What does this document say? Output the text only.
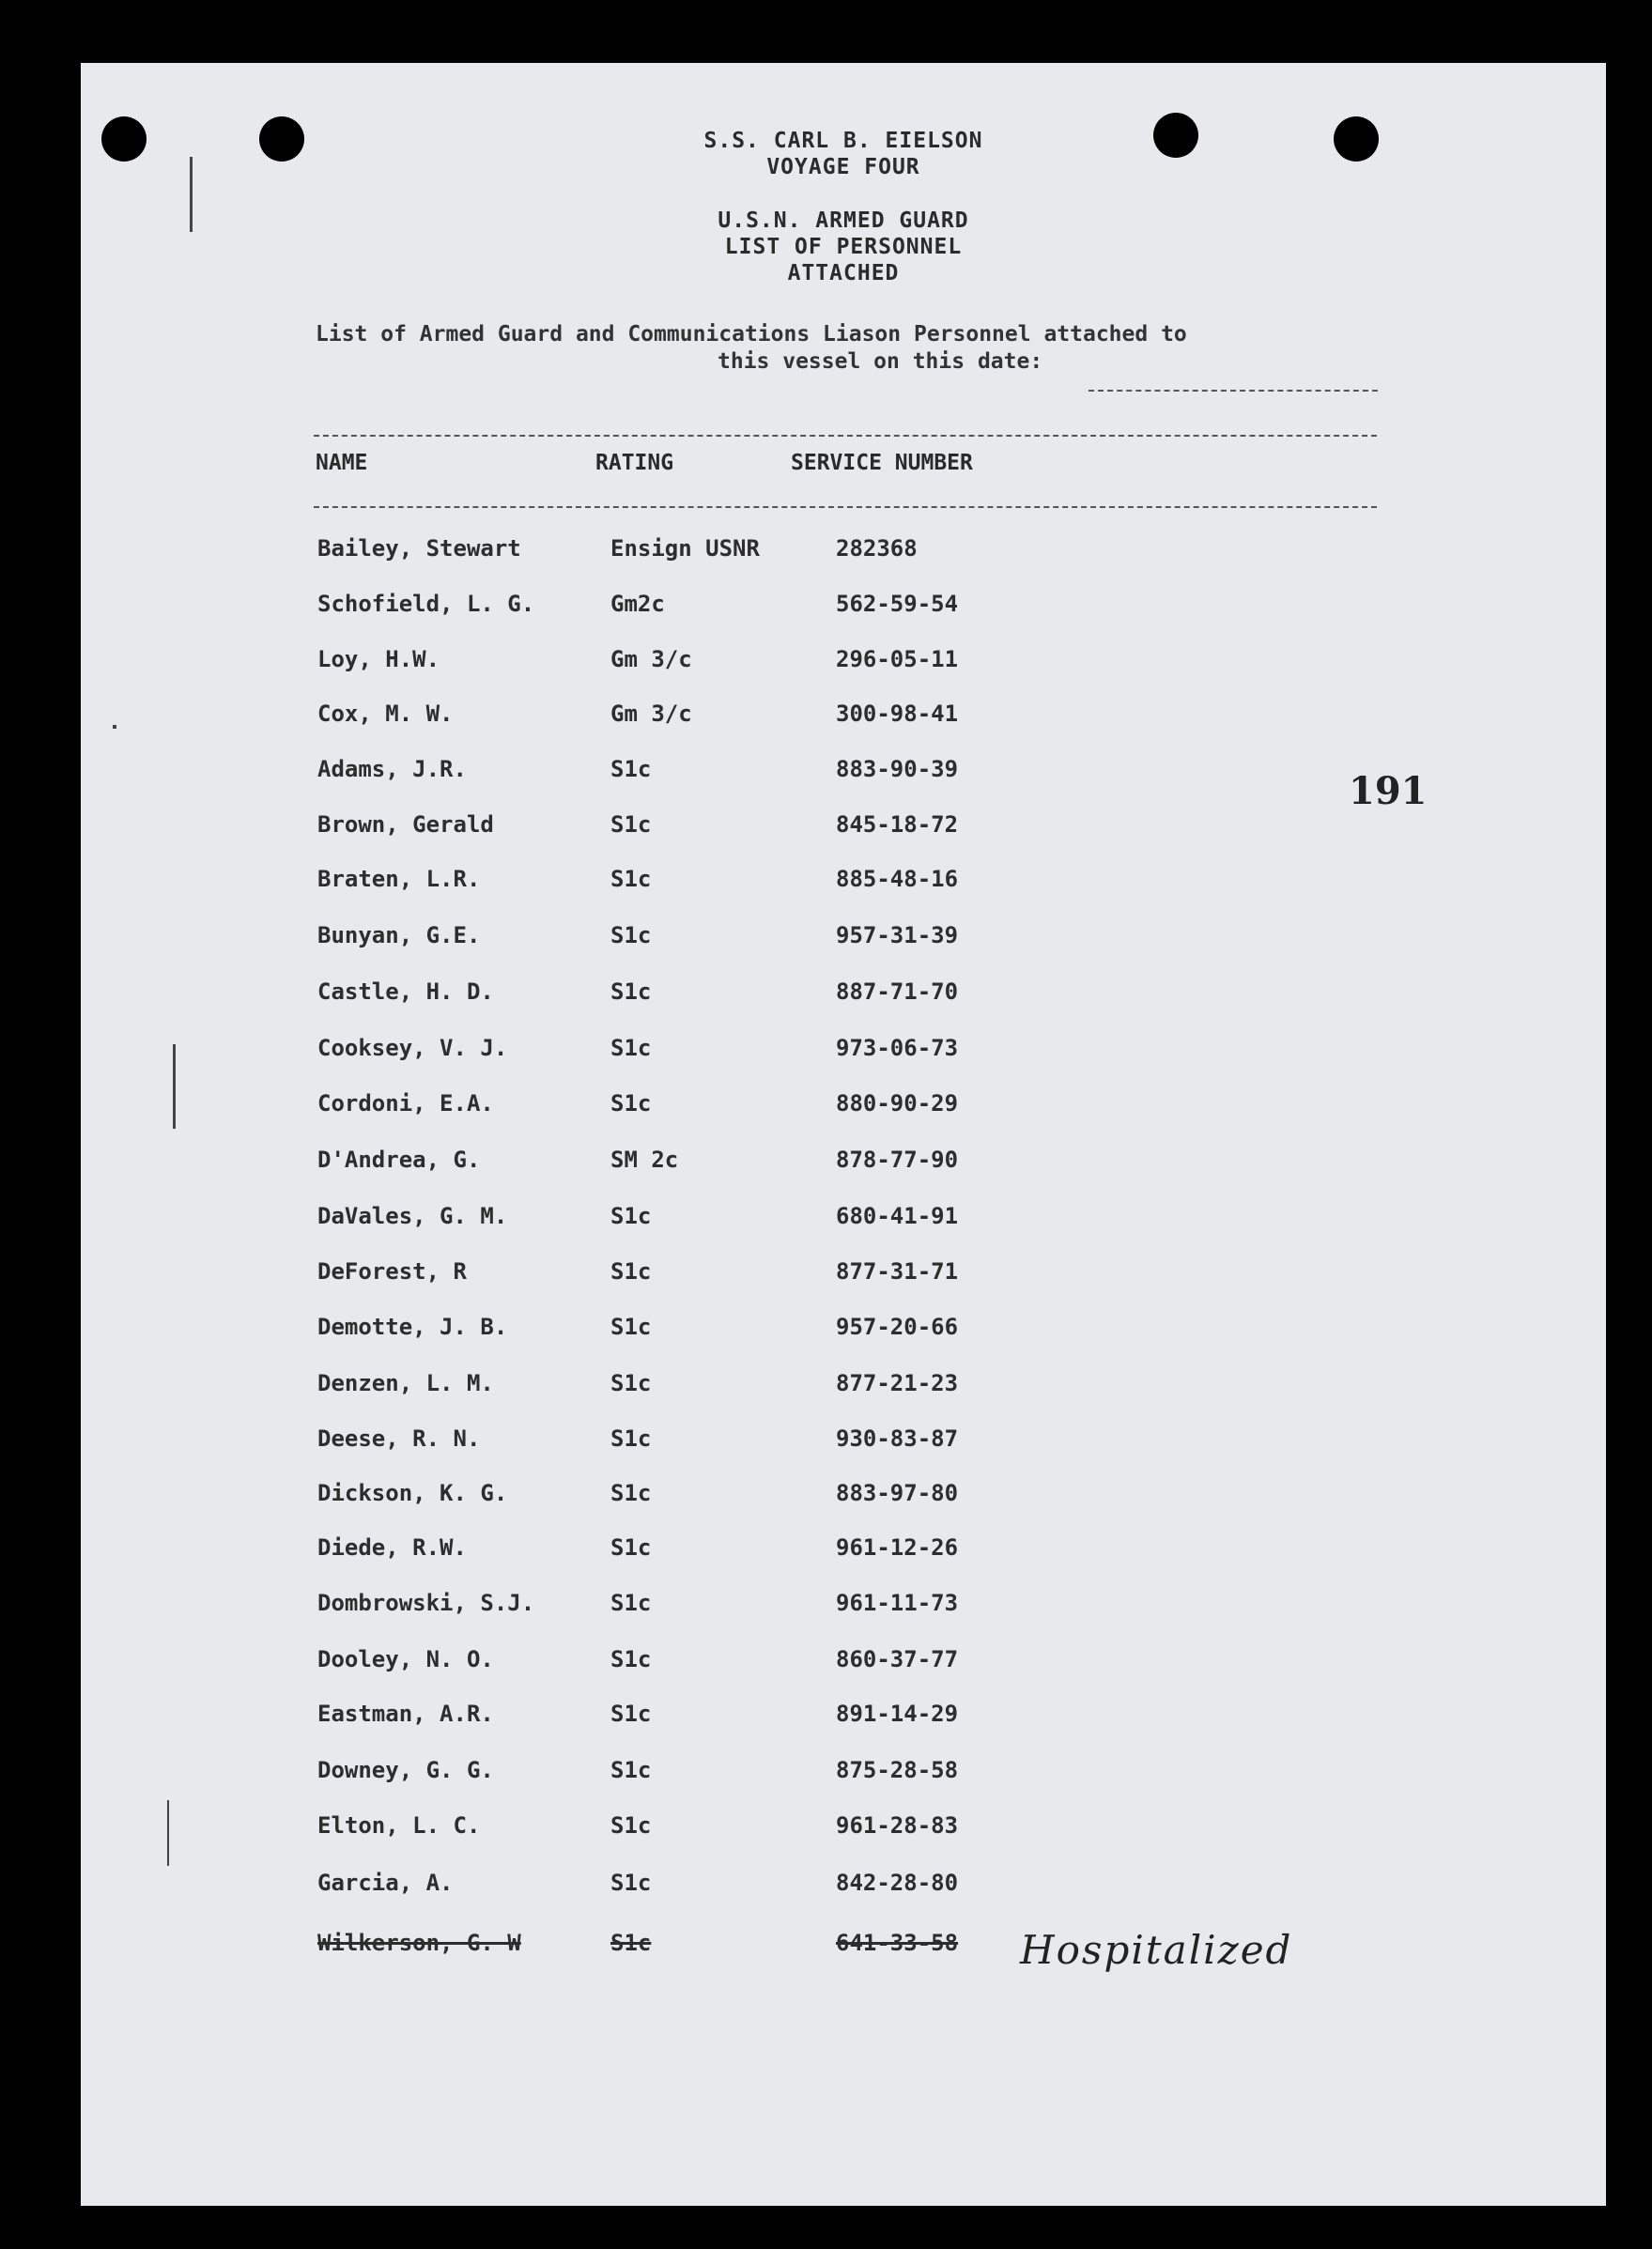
S.S. CARL B. EIELSON
VOYAGE FOUR
U.S.N. ARMED GUARD
LIST OF PERSONNEL
ATTACHED
List of Armed Guard and Communications Liason Personnel attached to
this vessel on this date:
NAME	RATING	SERVICE NUMBER
Bailey, Stewart	Ensign USNR	282368
Schofield, L. G.	Gm2c	562-59-54
Loy, H.W.	Gm 3/c	296-05-11
Cox, M. W.	Gm 3/c	300-98-41
Adams, J.R.	S1c	883-90-39
Brown, Gerald	S1c	845-18-72
Braten, L.R.	S1c	885-48-16
Bunyan, G.E.	S1c	957-31-39
Castle, H. D.	S1c	887-71-70
Cooksey, V. J.	S1c	973-06-73
Cordoni, E.A.	S1c	880-90-29
D'Andrea, G.	SM 2c	878-77-90
DaVales, G. M.	S1c	680-41-91
DeForest, R	S1c	877-31-71
Demotte, J. B.	S1c	957-20-66
Denzen, L. M.	S1c	877-21-23
Deese, R. N.	S1c	930-83-87
Dickson, K. G.	S1c	883-97-80
Diede, R.W.	S1c	961-12-26
Dombrowski, S.J.	S1c	961-11-73
Dooley, N. O.	S1c	860-37-77
Eastman, A.R.	S1c	891-14-29
Downey, G. G.	S1c	875-28-58
Elton, L. C.	S1c	961-28-83
Garcia, A.	S1c	842-28-80
Wilkerson, G. W	S1c	641-33-58 Hospitalized
191
